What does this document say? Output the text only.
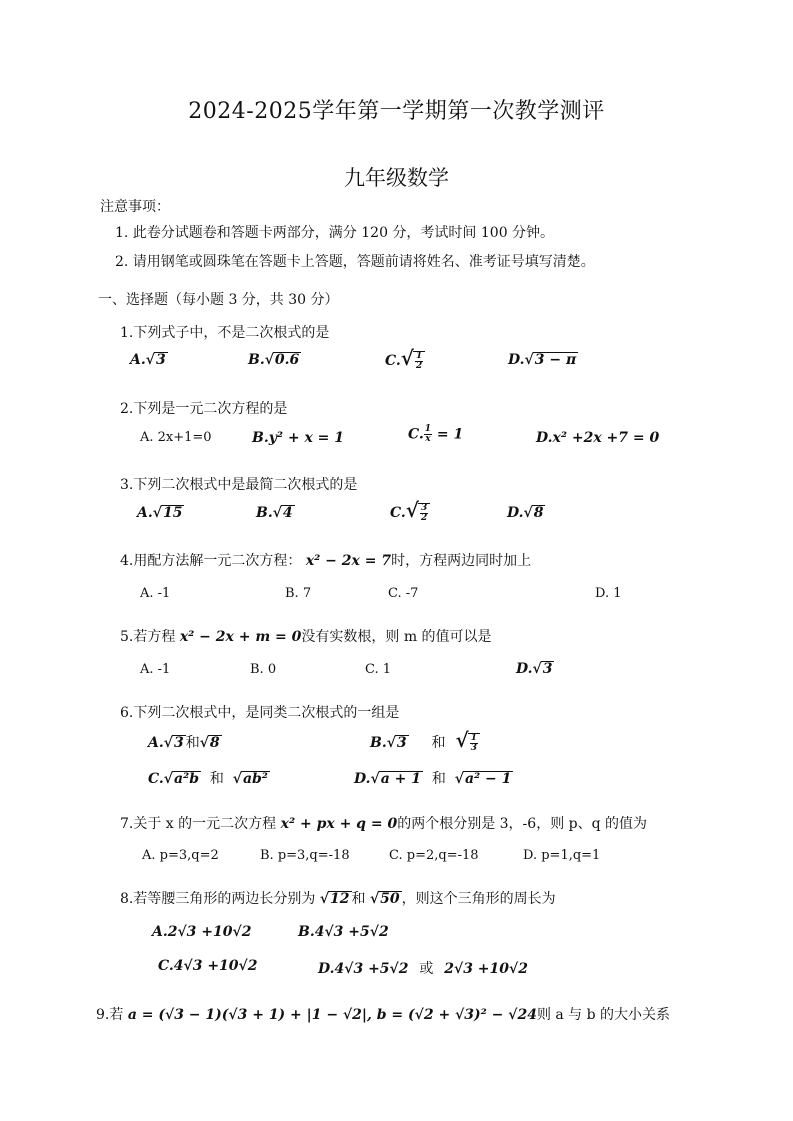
2024-2025学年第一学期第一次教学测评
九年级数学
注意事项：
1. 此卷分试题卷和答题卡两部分，满分 120 分，考试时间 100 分钟。
2. 请用钢笔或圆珠笔在答题卡上答题，答题前请将姓名、准考证号填写清楚。
一、选择题（每小题 3 分，共 30 分）
1.下列式子中，不是二次根式的是
A.√3	B.√0.6	$C.√ \frac{1}{2}$	D.√3 − π
2.下列是一元二次方程的是
A. 2x+1=0	B.y² + x = 1	C. $\frac{1}{x} = 1$	D.x² +2x +7 = 0
3.下列二次根式中是最简二次根式的是
A.√15	B.√4	$C.√ \frac{3}{2}$	D.√8
4.用配方法解一元二次方程： x² − 2x = 7时，方程两边同时加上
A. -1	B. 7	C. -7	D. 1
5.若方程 x² − 2x + m = 0没有实数根，则 m 的值可以是
A. -1	B. 0	C. 1	D.√3
6.下列二次根式中，是同类二次根式的一组是
A.√3 和√8	B.√3 和 √ $\frac{1}{3}$
C.√a²b 和 √ab²	D.√a + 1 和 √a² − 1
7.关于 x 的一元二次方程 x² + px + q = 0的两个根分别是 3，-6，则 p、q 的值为
A. p=3,q=2	B. p=3,q=-18	C. p=2,q=-18	D. p=1,q=1
8.若等腰三角形的两边长分别为 √12 和 √50 ，则这个三角形的周长为
A.2√3 +10√2	B.4√3 +5√2
C.4√3 +10√2	D.4√3 +5√2 或 2√3 +10√2
9.若 a = (√3 − 1)(√3 + 1) + |1 − √2|, b = (√2 + √3)² − √24则 a 与 b 的大小关系
